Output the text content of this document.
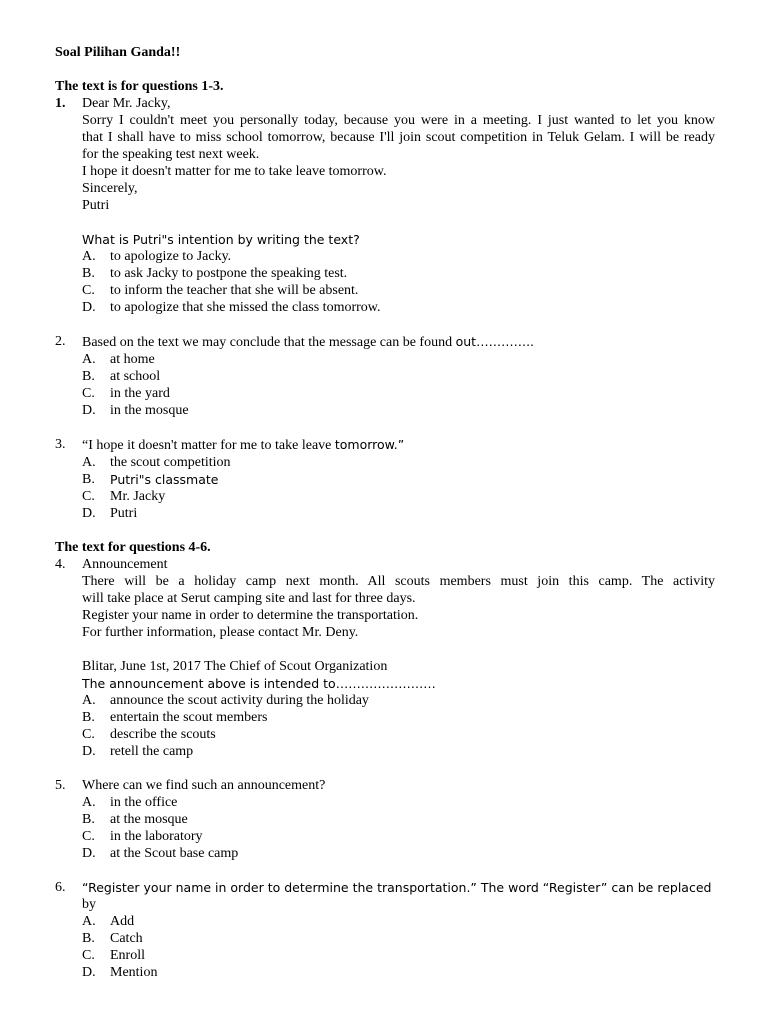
Soal Pilihan Ganda!!
The text is for questions 1-3.
1. Dear Mr. Jacky,
Sorry I couldn't meet you personally today, because you were in a meeting. I just wanted to let you know
that I shall have to miss school tomorrow, because I'll join scout competition in Teluk Gelam. I will be ready
for the speaking test next week.
I hope it doesn't matter for me to take leave tomorrow.
Sincerely,
Putri
What is Putri"s intention by writing the text?
A. to apologize to Jacky.
B. to ask Jacky to postpone the speaking test.
C. to inform the teacher that she will be absent.
D. to apologize that she missed the class tomorrow.
2. Based on the text we may conclude that the message can be found out…………..
A. at home
B. at school
C. in the yard
D. in the mosque
3. “I hope it doesn't matter for me to take leave tomorrow.”
A. the scout competition
B. Putri"s classmate
C. Mr. Jacky
D. Putri
The text for questions 4-6.
4. Announcement
There will be a holiday camp next month. All scouts members must join this camp. The activity
will take place at Serut camping site and last for three days.
Register your name in order to determine the transportation.
For further information, please contact Mr. Deny.
Blitar, June 1st, 2017 The Chief of Scout Organization
The announcement above is intended to……………………
A. announce the scout activity during the holiday
B. entertain the scout members
C. describe the scouts
D. retell the camp
5. Where can we find such an announcement?
A. in the office
B. at the mosque
C. in the laboratory
D. at the Scout base camp
6. “Register your name in order to determine the transportation.” The word “Register” can be replaced
by
A. Add
B. Catch
C. Enroll
D. Mention
